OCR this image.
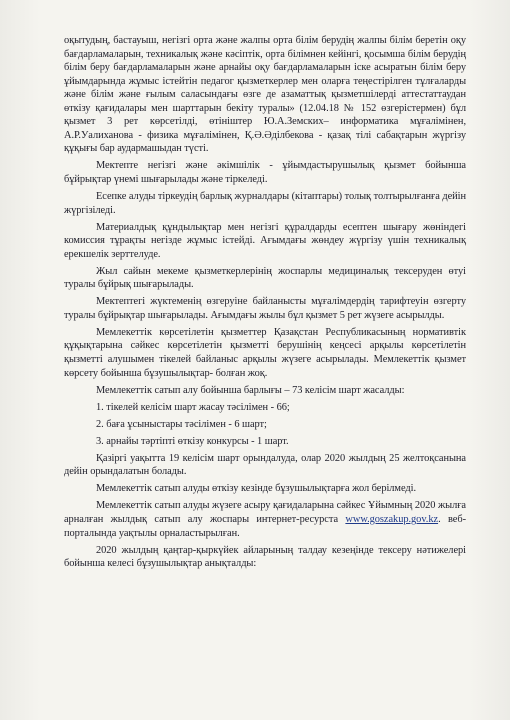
оқытудың, бастауыш, негізгі орта және жалпы орта білім берудің жалпы білім беретін оқу бағдарламаларын, техникалық және кәсіптік, орта білімнен кейінгі, қосымша білім берудің білім беру бағдарламаларын және арнайы оқу бағдарламаларын іске асыратын білім беру ұйымдарында жұмыс істейтін педагог қызметкерлер мен оларға теңестірілген тұлғаларды және білім және ғылым саласындағы өзге де азаматтық қызметшілерді аттестаттаудан өткізу қағидалары мен шарттарын бекіту туралы» (12.04.18 № 152 өзгерістермен) бұл қызмет 3 рет көрсетілді, өтініштер Ю.А.Земских– информатика мұғалімінен, А.Р.Уалиханова - физика мұғалімінен, Қ.Ә.Әділбекова - қазақ тілі сабақтарын жүргізу құқығы бар аудармашыдан түсті.

Мектепте негізгі және әкімшілік - ұйымдастырушылық қызмет бойынша бұйрықтар үнемі шығарылады және тіркеледі.

Есепке алуды тіркеудің барлық журналдары (кітаптары) толық толтырылғанға дейін жүргізіледі.

Материалдық құндылықтар мен негізгі құралдарды есептен шығару жөніндегі комиссия тұрақты негізде жұмыс істейді. Ағымдағы жөндеу жүргізу үшін техникалық ерекшелік зерттелуде.

Жыл сайын мекеме қызметкерлерінің жоспарлы медициналық тексеруден өтуі туралы бұйрық шығарылады.

Мектептегі жүктеменің өзгеруіне байланысты мұғалімдердің тарифтеуін өзгерту туралы бұйрықтар шығарылады. Ағымдағы жылы бұл қызмет 5 рет жүзеге асырылды.

Мемлекеттік көрсетілетін қызметтер Қазақстан Республикасының нормативтік құқықтарына сәйкес көрсетілетін қызметті берушінің кеңсесі арқылы көрсетілетін қызметті алушымен тікелей байланыс арқылы жүзеге асырылады. Мемлекеттік қызмет көрсету бойынша бұзушылықтар- болған жоқ.

Мемлекеттік сатып алу бойынша барлығы – 73 келісім шарт жасалды:

1. тікелей келісім шарт жасау тәсілімен - 66;

2. баға ұсыныстары тәсілімен - 6 шарт;

3. арнайы тәртіпті өткізу конкурсы - 1 шарт.

Қазіргі уақытта 19 келісім шарт орындалуда, олар 2020 жылдың 25 желтоқсанына дейін орындалатын болады.

Мемлекеттік сатып алуды өткізу кезінде бұзушылықтарға жол берілмеді.

Мемлекеттік сатып алуды жүзеге асыру қағидаларына сәйкес Ұйымның 2020 жылға арналған жылдық сатып алу жоспары интернет-ресурста www.goszakup.gov.kz. веб-порталында уақтылы орналастырылған.

2020 жылдың қаңтар-қыркүйек айларының талдау кезеңінде тексеру нәтижелері бойынша келесі бұзушылықтар анықталды:
